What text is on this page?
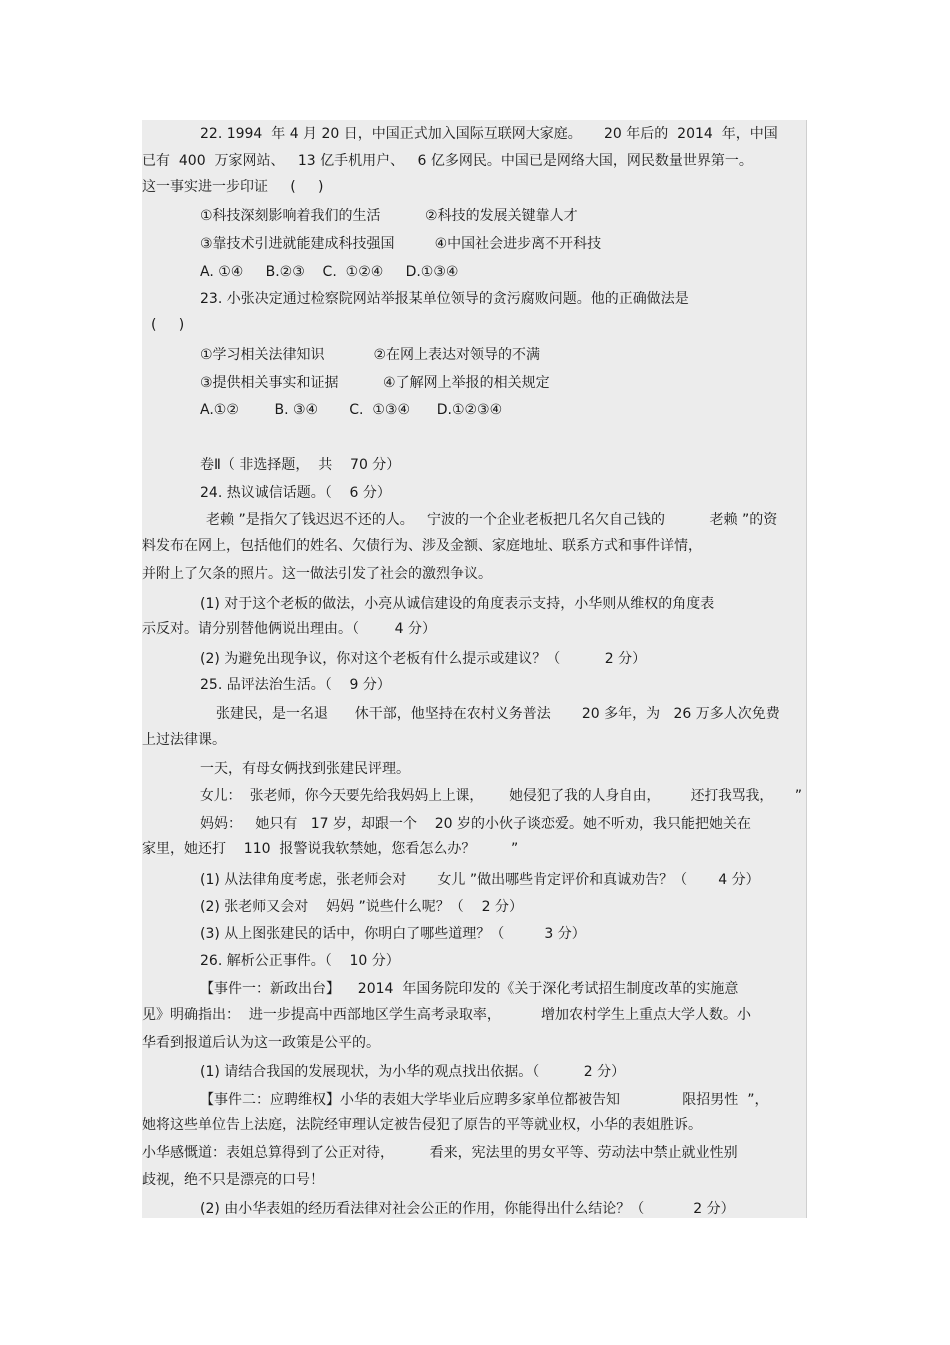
22. 1994  年 4 月 20 日，中国正式加入国际互联网大家庭。     20 年后的  2014  年，中国
已有  400  万家网站、   13 亿手机用户、   6 亿多网民。中国已是网络大国，网民数量世界第一。
这一事实进一步印证     (     )
①科技深刻影响着我们的生活          ②科技的发展关键靠人才
③靠技术引进就能建成科技强国         ④中国社会进步离不开科技
A. ①④     B.②③    C.  ①②④     D.①③④
23. 小张决定通过检察院网站举报某单位领导的贪污腐败问题。他的正确做法是
(     )
①学习相关法律知识           ②在网上表达对领导的不满
③提供相关事实和证据          ④了解网上举报的相关规定
A.①②        B. ③④       C.  ①③④      D.①②③④
卷Ⅱ（ 非选择题，  共    70 分）
24. 热议诚信话题。（    6 分）
老赖 ”是指欠了钱迟迟不还的人。   宁波的一个企业老板把几名欠自己钱的          老赖 ”的资
料发布在网上，包括他们的姓名、欠债行为、涉及金额、家庭地址、联系方式和事件详情，
并附上了欠条的照片。这一做法引发了社会的激烈争议。
(1) 对于这个老板的做法，小亮从诚信建设的角度表示支持，小华则从维权的角度表
示反对。请分别替他俩说出理由。（        4 分）
(2) 为避免出现争议，你对这个老板有什么提示或建议？（          2 分）
25. 品评法治生活。（    9 分）
张建民，是一名退      休干部，他坚持在农村义务普法       20 多年，为   26 万多人次免费
上过法律课。
一天，有母女俩找到张建民评理。
女儿：  张老师，你今天要先给我妈妈上上课，      她侵犯了我的人身自由，       还打我骂我，     ”
妈妈：   她只有   17 岁，却跟一个    20 岁的小伙子谈恋爱。她不听劝，我只能把她关在
家里，她还打    110  报警说我软禁她，您看怎么办？        ”
(1) 从法律角度考虑，张老师会对       女儿 ”做出哪些肯定评价和真诚劝告？（       4 分）
(2) 张老师又会对    妈妈 ”说些什么呢？（    2 分）
(3) 从上图张建民的话中，你明白了哪些道理？（         3 分）
26. 解析公正事件。（    10 分）
【事件一：新政出台】    2014  年国务院印发的《关于深化考试招生制度改革的实施意
见》明确指出：  进一步提高中西部地区学生高考录取率，         增加农村学生上重点大学人数。小
华看到报道后认为这一政策是公平的。
(1) 请结合我国的发展现状，为小华的观点找出依据。（          2 分）
【事件二：应聘维权】小华的表姐大学毕业后应聘多家单位都被告知              限招男性  ”，
她将这些单位告上法庭，法院经审理认定被告侵犯了原告的平等就业权，小华的表姐胜诉。
小华感慨道：表姐总算得到了公正对待，        看来，宪法里的男女平等、劳动法中禁止就业性别
歧视，绝不只是漂亮的口号！
(2) 由小华表姐的经历看法律对社会公正的作用，你能得出什么结论？（           2 分）
